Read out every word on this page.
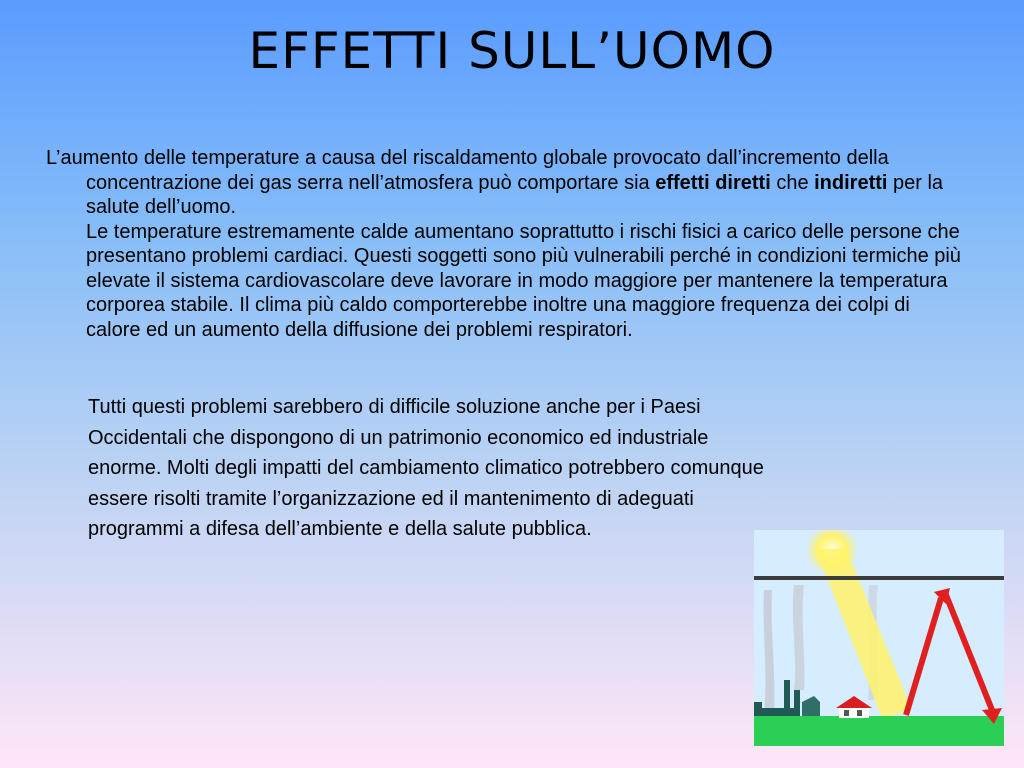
EFFETTI SULL’UOMO

L’aumento delle temperature a causa del riscaldamento globale provocato dall’incremento della concentrazione dei gas serra nell’atmosfera può comportare sia effetti diretti che indiretti per la salute dell’uomo.

Le temperature estremamente calde aumentano soprattutto i rischi fisici a carico delle persone che presentano problemi cardiaci. Questi soggetti sono più vulnerabili perché in condizioni termiche più elevate il sistema cardiovascolare deve lavorare in modo maggiore per mantenere la temperatura corporea stabile. Il clima più caldo comporterebbe inoltre una maggiore frequenza dei colpi di calore ed un aumento della diffusione dei problemi respiratori.

Tutti questi problemi sarebbero di difficile soluzione anche per i Paesi
Occidentali che dispongono di un patrimonio economico ed industriale
enorme. Molti degli impatti del cambiamento climatico potrebbero comunque
essere risolti tramite l’organizzazione ed il mantenimento di adeguati
programmi a difesa dell’ambiente e della salute pubblica.
